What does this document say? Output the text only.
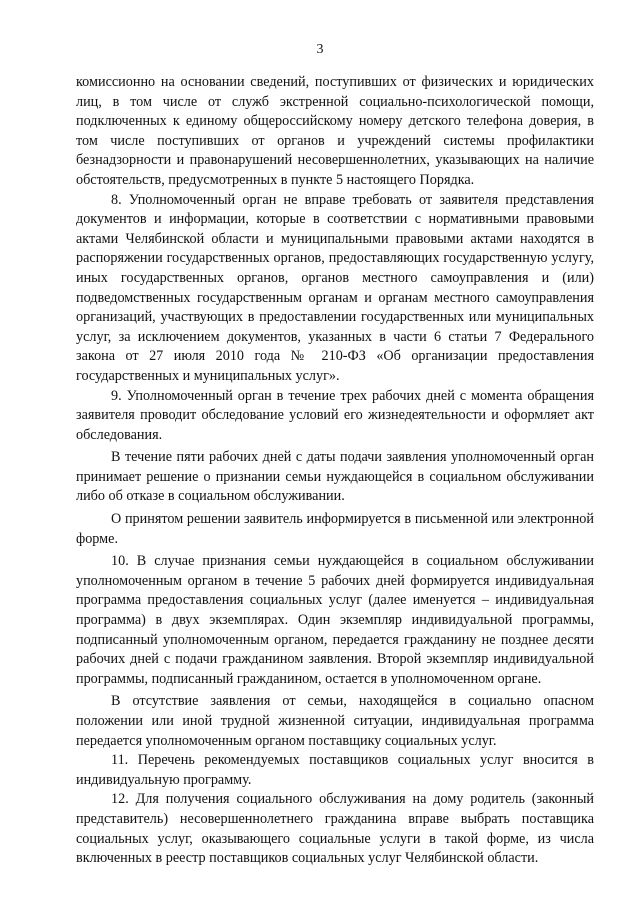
3

комиссионно на основании сведений, поступивших от физических и юридических лиц, в том числе от служб экстренной социально-психологической помощи, подключенных к единому общероссийскому номеру детского телефона доверия, в том числе поступивших от органов и учреждений системы профилактики безнадзорности и правонарушений несовершеннолетних, указывающих на наличие обстоятельств, предусмотренных в пункте 5 настоящего Порядка.

8. Уполномоченный орган не вправе требовать от заявителя представления документов и информации, которые в соответствии с нормативными правовыми актами Челябинской области и муниципальными правовыми актами находятся в распоряжении государственных органов, предоставляющих государственную услугу, иных государственных органов, органов местного самоуправления и (или) подведомственных государственным органам и органам местного самоуправления организаций, участвующих в предоставлении государственных или муниципальных услуг, за исключением документов, указанных в части 6 статьи 7 Федерального закона от 27 июля 2010 года № 210-ФЗ «Об организации предоставления государственных и муниципальных услуг».

9. Уполномоченный орган в течение трех рабочих дней с момента обращения заявителя проводит обследование условий его жизнедеятельности и оформляет акт обследования.

В течение пяти рабочих дней с даты подачи заявления уполномоченный орган принимает решение о признании семьи нуждающейся в социальном обслуживании либо об отказе в социальном обслуживании.

О принятом решении заявитель информируется в письменной или электронной форме.

10. В случае признания семьи нуждающейся в социальном обслуживании уполномоченным органом в течение 5 рабочих дней формируется индивидуальная программа предоставления социальных услуг (далее именуется – индивидуальная программа) в двух экземплярах. Один экземпляр индивидуальной программы, подписанный уполномоченным органом, передается гражданину не позднее десяти рабочих дней с подачи гражданином заявления. Второй экземпляр индивидуальной программы, подписанный гражданином, остается в уполномоченном органе.

В отсутствие заявления от семьи, находящейся в социально опасном положении или иной трудной жизненной ситуации, индивидуальная программа передается уполномоченным органом поставщику социальных услуг.

11. Перечень рекомендуемых поставщиков социальных услуг вносится в индивидуальную программу.

12. Для получения социального обслуживания на дому родитель (законный представитель) несовершеннолетнего гражданина вправе выбрать поставщика социальных услуг, оказывающего социальные услуги в такой форме, из числа включенных в реестр поставщиков социальных услуг Челябинской области.
